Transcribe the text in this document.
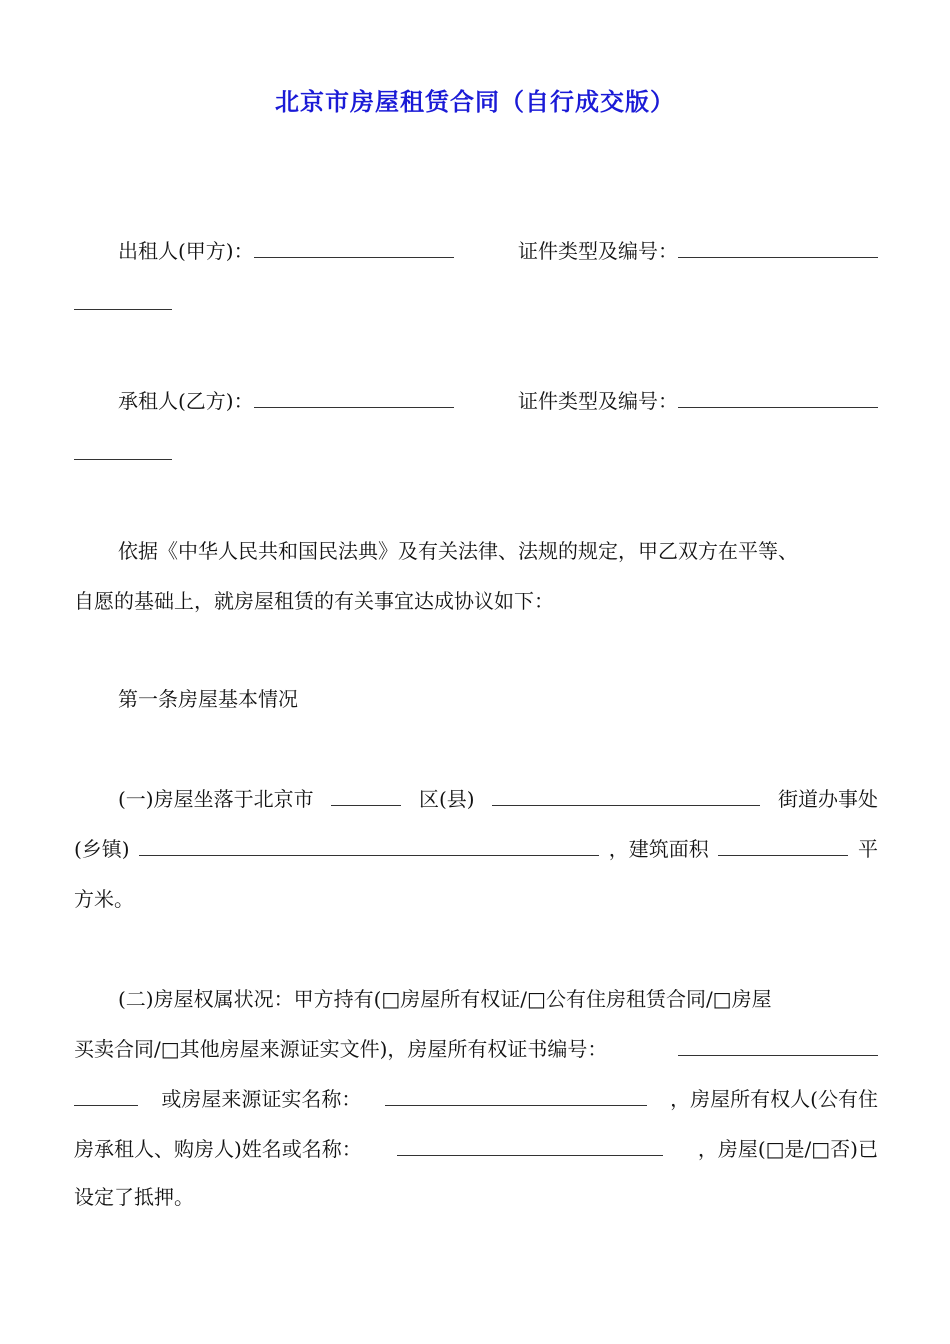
北京市房屋租赁合同（自行成交版）
出租人(甲方)：	证件类型及编号：
承租人(乙方)：	证件类型及编号：
依据《中华人民共和国民法典》及有关法律、法规的规定，甲乙双方在平等、
自愿的基础上，就房屋租赁的有关事宜达成协议如下：
第一条房屋基本情况
(一)房屋坐落于北京市	区(县)	街道办事处
(乡镇)	，建筑面积	平
方米。
(二)房屋权属状况：甲方持有(□房屋所有权证/□公有住房租赁合同/□房屋
买卖合同/□其他房屋来源证实文件)，房屋所有权证书编号：
或房屋来源证实名称：	，房屋所有权人(公有住
房承租人、购房人)姓名或名称：	，房屋(□是/□否)已
设定了抵押。
